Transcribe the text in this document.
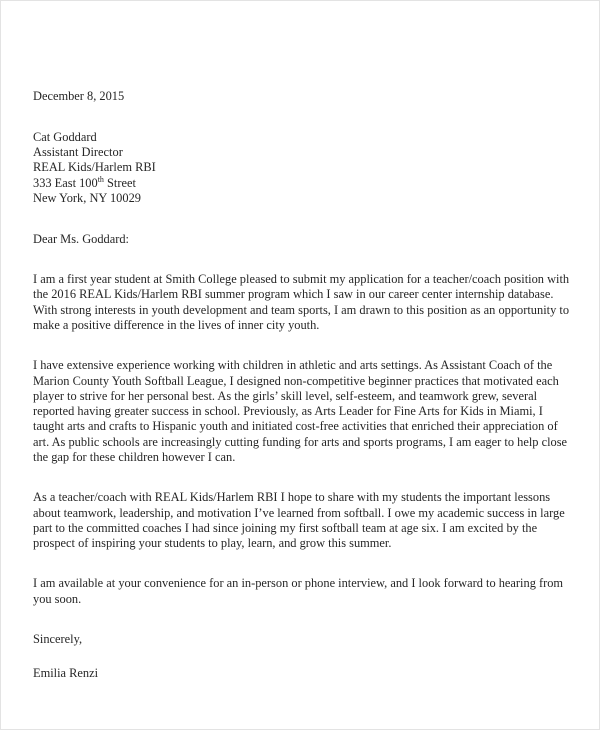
December 8, 2015

Cat Goddard

Assistant Director

REAL Kids/Harlem RBI

333 East 100th Street

New York, NY 10029

Dear Ms. Goddard:

I am a first year student at Smith College pleased to submit my application for a teacher/coach position with the 2016 REAL Kids/Harlem RBI summer program which I saw in our career center internship database. With strong interests in youth development and team sports, I am drawn to this position as an opportunity to make a positive difference in the lives of inner city youth.

I have extensive experience working with children in athletic and arts settings. As Assistant Coach of the Marion County Youth Softball League, I designed non-competitive beginner practices that motivated each player to strive for her personal best. As the girls’ skill level, self-esteem, and teamwork grew, several reported having greater success in school. Previously, as Arts Leader for Fine Arts for Kids in Miami, I taught arts and crafts to Hispanic youth and initiated cost-free activities that enriched their appreciation of art. As public schools are increasingly cutting funding for arts and sports programs, I am eager to help close the gap for these children however I can.

As a teacher/coach with REAL Kids/Harlem RBI I hope to share with my students the important lessons about teamwork, leadership, and motivation I’ve learned from softball. I owe my academic success in large part to the committed coaches I had since joining my first softball team at age six. I am excited by the prospect of inspiring your students to play, learn, and grow this summer.

I am available at your convenience for an in-person or phone interview, and I look forward to hearing from you soon.

Sincerely,

Emilia Renzi
